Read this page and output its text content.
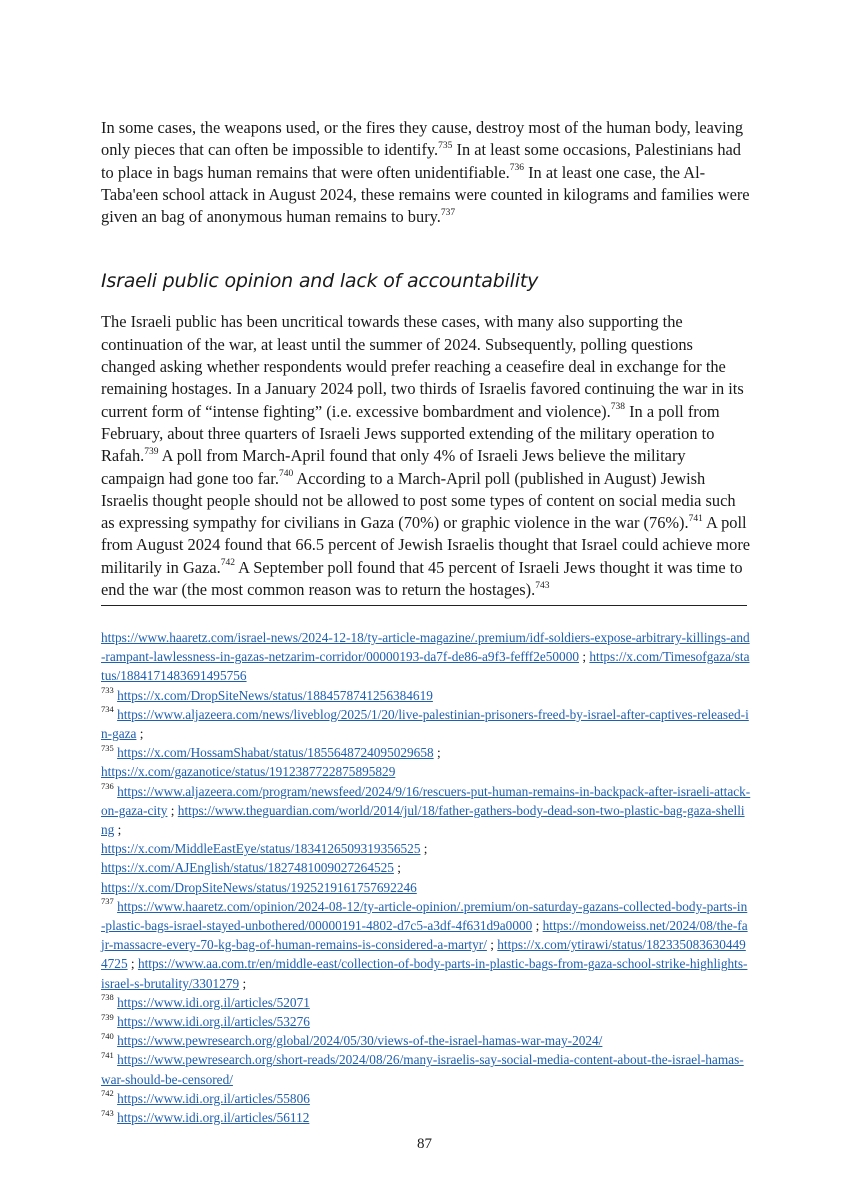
In some cases, the weapons used, or the fires they cause, destroy most of the human body, leaving only pieces that can often be impossible to identify.$^{735}$ In at least some occasions, Palestinians had to place in bags human remains that were often unidentifiable.$^{736}$ In at least one case, the Al-Taba'een school attack in August 2024, these remains were counted in kilograms and families were given an bag of anonymous human remains to bury.$^{737}$

Israeli public opinion and lack of accountability

The Israeli public has been uncritical towards these cases, with many also supporting the continuation of the war, at least until the summer of 2024. Subsequently, polling questions changed asking whether respondents would prefer reaching a ceasefire deal in exchange for the remaining hostages. In a January 2024 poll, two thirds of Israelis favored continuing the war in its current form of “intense fighting” (i.e. excessive bombardment and violence).$^{738}$ In a poll from February, about three quarters of Israeli Jews supported extending of the military operation to Rafah.$^{739}$ A poll from March-April found that only 4% of Israeli Jews believe the military campaign had gone too far.$^{740}$ According to a March-April poll (published in August) Jewish Israelis thought people should not be allowed to post some types of content on social media such as expressing sympathy for civilians in Gaza (70%) or graphic violence in the war (76%).$^{741}$ A poll from August 2024 found that 66.5 percent of Jewish Israelis thought that Israel could achieve more militarily in Gaza.$^{742}$ A September poll found that 45 percent of Israeli Jews thought it was time to end the war (the most common reason was to return the hostages).$^{743}$

https://www.haaretz.com/israel-news/2024-12-18/ty-article-magazine/.premium/idf-soldiers-expose-arbitrary-killings-and-rampant-lawlessness-in-gazas-netzarim-corridor/00000193-da7f-de86-a9f3-fefff2e50000 ; https://x.com/Timesofgaza/status/1884171483691495756

$^{733}$ https://x.com/DropSiteNews/status/1884578741256384619

$^{734}$ https://www.aljazeera.com/news/liveblog/2025/1/20/live-palestinian-prisoners-freed-by-israel-after-captives-released-in-gaza ;

$^{735}$ https://x.com/HossamShabat/status/1855648724095029658 ;
https://x.com/gazanotice/status/1912387722875895829

$^{736}$ https://www.aljazeera.com/program/newsfeed/2024/9/16/rescuers-put-human-remains-in-backpack-after-israeli-attack-on-gaza-city ; https://www.theguardian.com/world/2014/jul/18/father-gathers-body-dead-son-two-plastic-bag-gaza-shelling ;
https://x.com/MiddleEastEye/status/1834126509319356525 ;
https://x.com/AJEnglish/status/1827481009027264525 ;
https://x.com/DropSiteNews/status/1925219161757692246

$^{737}$ https://www.haaretz.com/opinion/2024-08-12/ty-article-opinion/.premium/on-saturday-gazans-collected-body-parts-in-plastic-bags-israel-stayed-unbothered/00000191-4802-d7c5-a3df-4f631d9a0000 ; https://mondoweiss.net/2024/08/the-fajr-massacre-every-70-kg-bag-of-human-remains-is-considered-a-martyr/ ; https://x.com/ytirawi/status/1823350836304494725 ; https://www.aa.com.tr/en/middle-east/collection-of-body-parts-in-plastic-bags-from-gaza-school-strike-highlights-israel-s-brutality/3301279 ;

$^{738}$ https://www.idi.org.il/articles/52071

$^{739}$ https://www.idi.org.il/articles/53276

$^{740}$ https://www.pewresearch.org/global/2024/05/30/views-of-the-israel-hamas-war-may-2024/

$^{741}$ https://www.pewresearch.org/short-reads/2024/08/26/many-israelis-say-social-media-content-about-the-israel-hamas-war-should-be-censored/

$^{742}$ https://www.idi.org.il/articles/55806

$^{743}$ https://www.idi.org.il/articles/56112

87
